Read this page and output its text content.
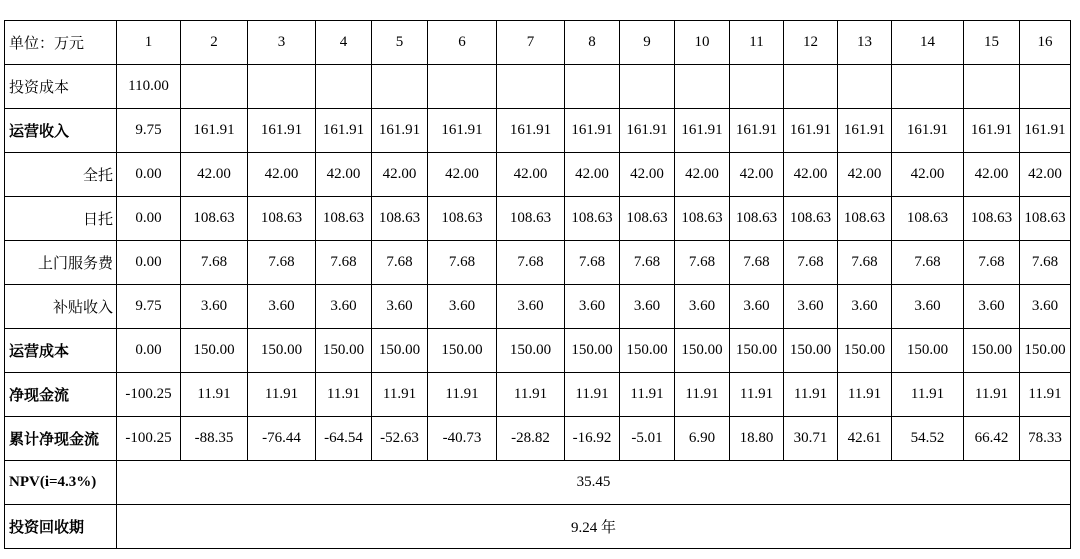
单位：万元	1	2	3	4	5	6	7	8	9	10	11	12	13	14	15	16
投资成本	110.00															
运营收入	9.75	161.91	161.91	161.91	161.91	161.91	161.91	161.91	161.91	161.91	161.91	161.91	161.91	161.91	161.91	161.91
全托	0.00	42.00	42.00	42.00	42.00	42.00	42.00	42.00	42.00	42.00	42.00	42.00	42.00	42.00	42.00	42.00
日托	0.00	108.63	108.63	108.63	108.63	108.63	108.63	108.63	108.63	108.63	108.63	108.63	108.63	108.63	108.63	108.63
上门服务费	0.00	7.68	7.68	7.68	7.68	7.68	7.68	7.68	7.68	7.68	7.68	7.68	7.68	7.68	7.68	7.68
补贴收入	9.75	3.60	3.60	3.60	3.60	3.60	3.60	3.60	3.60	3.60	3.60	3.60	3.60	3.60	3.60	3.60
运营成本	0.00	150.00	150.00	150.00	150.00	150.00	150.00	150.00	150.00	150.00	150.00	150.00	150.00	150.00	150.00	150.00
净现金流	-100.25	11.91	11.91	11.91	11.91	11.91	11.91	11.91	11.91	11.91	11.91	11.91	11.91	11.91	11.91	11.91
累计净现金流	-100.25	-88.35	-76.44	-64.54	-52.63	-40.73	-28.82	-16.92	-5.01	6.90	18.80	30.71	42.61	54.52	66.42	78.33
NPV(i=4.3%)	35.45															
投资回收期	9.24 年															
